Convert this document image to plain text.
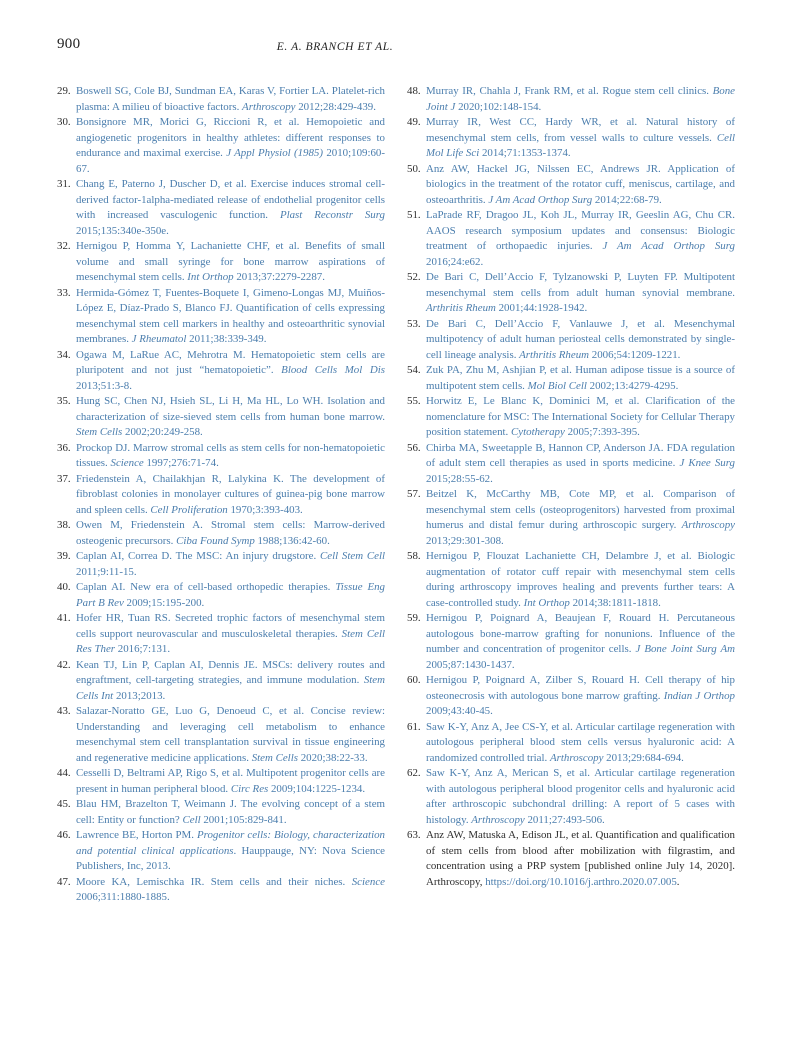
900	E. A. BRANCH ET AL.
29. Boswell SG, Cole BJ, Sundman EA, Karas V, Fortier LA. Platelet-rich plasma: A milieu of bioactive factors. Arthroscopy 2012;28:429-439.
30. Bonsignore MR, Morici G, Riccioni R, et al. Hemopoietic and angiogenetic progenitors in healthy athletes: different responses to endurance and maximal exercise. J Appl Physiol (1985) 2010;109:60-67.
31. Chang E, Paterno J, Duscher D, et al. Exercise induces stromal cell-derived factor-1alpha-mediated release of endothelial progenitor cells with increased vasculogenic function. Plast Reconstr Surg 2015;135:340e-350e.
32. Hernigou P, Homma Y, Lachaniette CHF, et al. Benefits of small volume and small syringe for bone marrow aspirations of mesenchymal stem cells. Int Orthop 2013;37:2279-2287.
33. Hermida-Gómez T, Fuentes-Boquete I, Gimeno-Longas MJ, Muiños-López E, Díaz-Prado S, Blanco FJ. Quantification of cells expressing mesenchymal stem cell markers in healthy and osteoarthritic synovial membranes. J Rheumatol 2011;38:339-349.
34. Ogawa M, LaRue AC, Mehrotra M. Hematopoietic stem cells are pluripotent and not just “hematopoietic”. Blood Cells Mol Dis 2013;51:3-8.
35. Hung SC, Chen NJ, Hsieh SL, Li H, Ma HL, Lo WH. Isolation and characterization of size-sieved stem cells from human bone marrow. Stem Cells 2002;20:249-258.
36. Prockop DJ. Marrow stromal cells as stem cells for non-hematopoietic tissues. Science 1997;276:71-74.
37. Friedenstein A, Chailakhjan R, Lalykina K. The development of fibroblast colonies in monolayer cultures of guinea-pig bone marrow and spleen cells. Cell Proliferation 1970;3:393-403.
38. Owen M, Friedenstein A. Stromal stem cells: Marrow-derived osteogenic precursors. Ciba Found Symp 1988;136:42-60.
39. Caplan AI, Correa D. The MSC: An injury drugstore. Cell Stem Cell 2011;9:11-15.
40. Caplan AI. New era of cell-based orthopedic therapies. Tissue Eng Part B Rev 2009;15:195-200.
41. Hofer HR, Tuan RS. Secreted trophic factors of mesenchymal stem cells support neurovascular and musculoskeletal therapies. Stem Cell Res Ther 2016;7:131.
42. Kean TJ, Lin P, Caplan AI, Dennis JE. MSCs: delivery routes and engraftment, cell-targeting strategies, and immune modulation. Stem Cells Int 2013;2013.
43. Salazar-Noratto GE, Luo G, Denoeud C, et al. Concise review: Understanding and leveraging cell metabolism to enhance mesenchymal stem cell transplantation survival in tissue engineering and regenerative medicine applications. Stem Cells 2020;38:22-33.
44. Cesselli D, Beltrami AP, Rigo S, et al. Multipotent progenitor cells are present in human peripheral blood. Circ Res 2009;104:1225-1234.
45. Blau HM, Brazelton T, Weimann J. The evolving concept of a stem cell: Entity or function? Cell 2001;105:829-841.
46. Lawrence BE, Horton PM. Progenitor cells: Biology, characterization and potential clinical applications. Hauppauge, NY: Nova Science Publishers, Inc, 2013.
47. Moore KA, Lemischka IR. Stem cells and their niches. Science 2006;311:1880-1885.
48. Murray IR, Chahla J, Frank RM, et al. Rogue stem cell clinics. Bone Joint J 2020;102:148-154.
49. Murray IR, West CC, Hardy WR, et al. Natural history of mesenchymal stem cells, from vessel walls to culture vessels. Cell Mol Life Sci 2014;71:1353-1374.
50. Anz AW, Hackel JG, Nilssen EC, Andrews JR. Application of biologics in the treatment of the rotator cuff, meniscus, cartilage, and osteoarthritis. J Am Acad Orthop Surg 2014;22:68-79.
51. LaPrade RF, Dragoo JL, Koh JL, Murray IR, Geeslin AG, Chu CR. AAOS research symposium updates and consensus: Biologic treatment of orthopaedic injuries. J Am Acad Orthop Surg 2016;24:e62.
52. De Bari C, Dell’Accio F, Tylzanowski P, Luyten FP. Multipotent mesenchymal stem cells from adult human synovial membrane. Arthritis Rheum 2001;44:1928-1942.
53. De Bari C, Dell’Accio F, Vanlauwe J, et al. Mesenchymal multipotency of adult human periosteal cells demonstrated by single-cell lineage analysis. Arthritis Rheum 2006;54:1209-1221.
54. Zuk PA, Zhu M, Ashjian P, et al. Human adipose tissue is a source of multipotent stem cells. Mol Biol Cell 2002;13:4279-4295.
55. Horwitz E, Le Blanc K, Dominici M, et al. Clarification of the nomenclature for MSC: The International Society for Cellular Therapy position statement. Cytotherapy 2005;7:393-395.
56. Chirba MA, Sweetapple B, Hannon CP, Anderson JA. FDA regulation of adult stem cell therapies as used in sports medicine. J Knee Surg 2015;28:55-62.
57. Beitzel K, McCarthy MB, Cote MP, et al. Comparison of mesenchymal stem cells (osteoprogenitors) harvested from proximal humerus and distal femur during arthroscopic surgery. Arthroscopy 2013;29:301-308.
58. Hernigou P, Flouzat Lachaniette CH, Delambre J, et al. Biologic augmentation of rotator cuff repair with mesenchymal stem cells during arthroscopy improves healing and prevents further tears: A case-controlled study. Int Orthop 2014;38:1811-1818.
59. Hernigou P, Poignard A, Beaujean F, Rouard H. Percutaneous autologous bone-marrow grafting for nonunions. Influence of the number and concentration of progenitor cells. J Bone Joint Surg Am 2005;87:1430-1437.
60. Hernigou P, Poignard A, Zilber S, Rouard H. Cell therapy of hip osteonecrosis with autologous bone marrow grafting. Indian J Orthop 2009;43:40-45.
61. Saw K-Y, Anz A, Jee CS-Y, et al. Articular cartilage regeneration with autologous peripheral blood stem cells versus hyaluronic acid: A randomized controlled trial. Arthroscopy 2013;29:684-694.
62. Saw K-Y, Anz A, Merican S, et al. Articular cartilage regeneration with autologous peripheral blood progenitor cells and hyaluronic acid after arthroscopic subchondral drilling: A report of 5 cases with histology. Arthroscopy 2011;27:493-506.
63. Anz AW, Matuska A, Edison JL, et al. Quantification and qualification of stem cells from blood after mobilization with filgrastim, and concentration using a PRP system [published online July 14, 2020]. Arthroscopy, https://doi.org/10.1016/j.arthro.2020.07.005.
